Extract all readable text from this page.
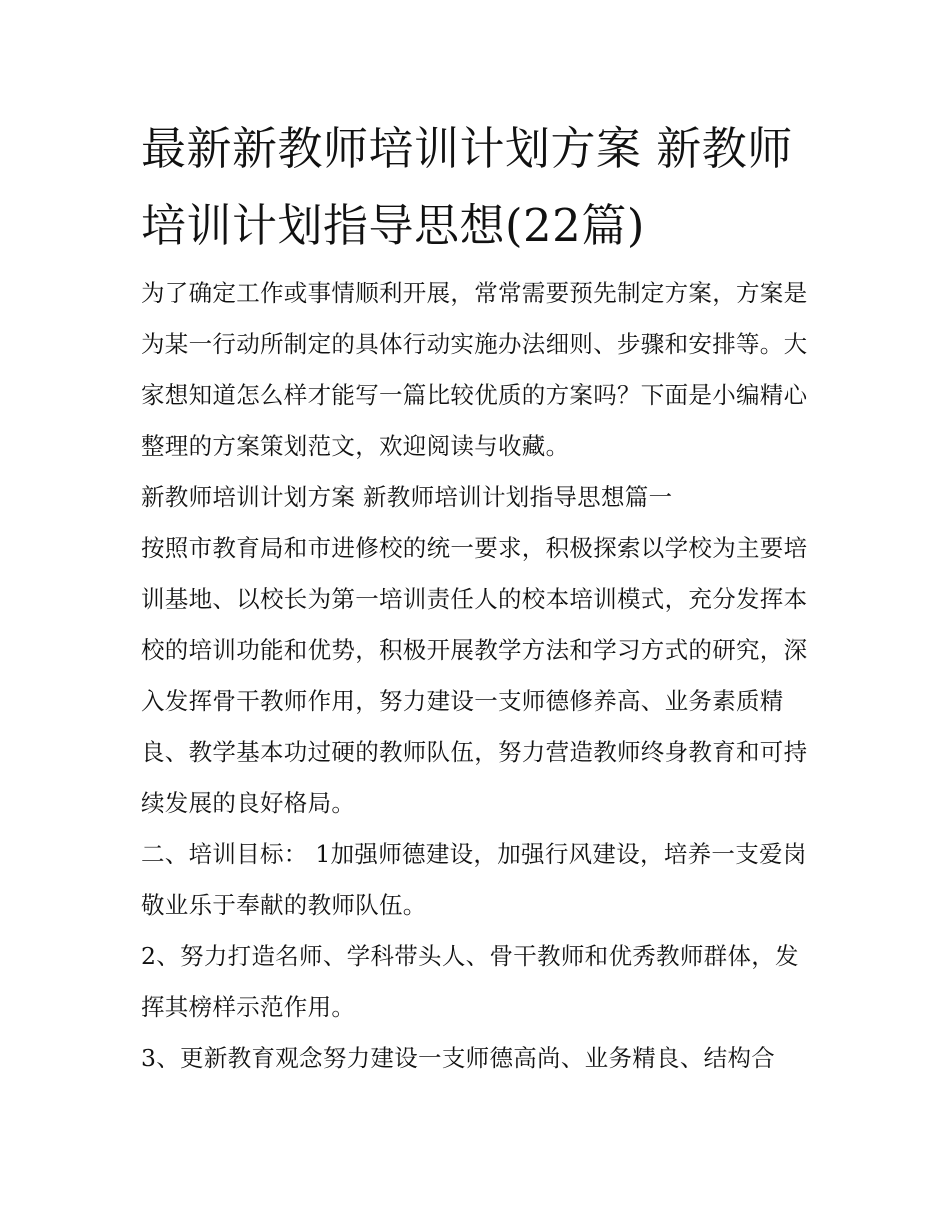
最新新教师培训计划方案 新教师培训计划指导思想(22篇)

为了确定工作或事情顺利开展，常常需要预先制定方案，方案是为某一行动所制定的具体行动实施办法细则、步骤和安排等。大家想知道怎么样才能写一篇比较优质的方案吗？下面是小编精心整理的方案策划范文，欢迎阅读与收藏。

新教师培训计划方案 新教师培训计划指导思想篇一

按照市教育局和市进修校的统一要求，积极探索以学校为主要培训基地、以校长为第一培训责任人的校本培训模式，充分发挥本校的培训功能和优势，积极开展教学方法和学习方式的研究，深入发挥骨干教师作用，努力建设一支师德修养高、业务素质精良、教学基本功过硬的教师队伍，努力营造教师终身教育和可持续发展的良好格局。

二、培训目标： 1加强师德建设，加强行风建设，培养一支爱岗敬业乐于奉献的教师队伍。

2、努力打造名师、学科带头人、骨干教师和优秀教师群体，发挥其榜样示范作用。

3、更新教育观念努力建设一支师德高尚、业务精良、结构合
